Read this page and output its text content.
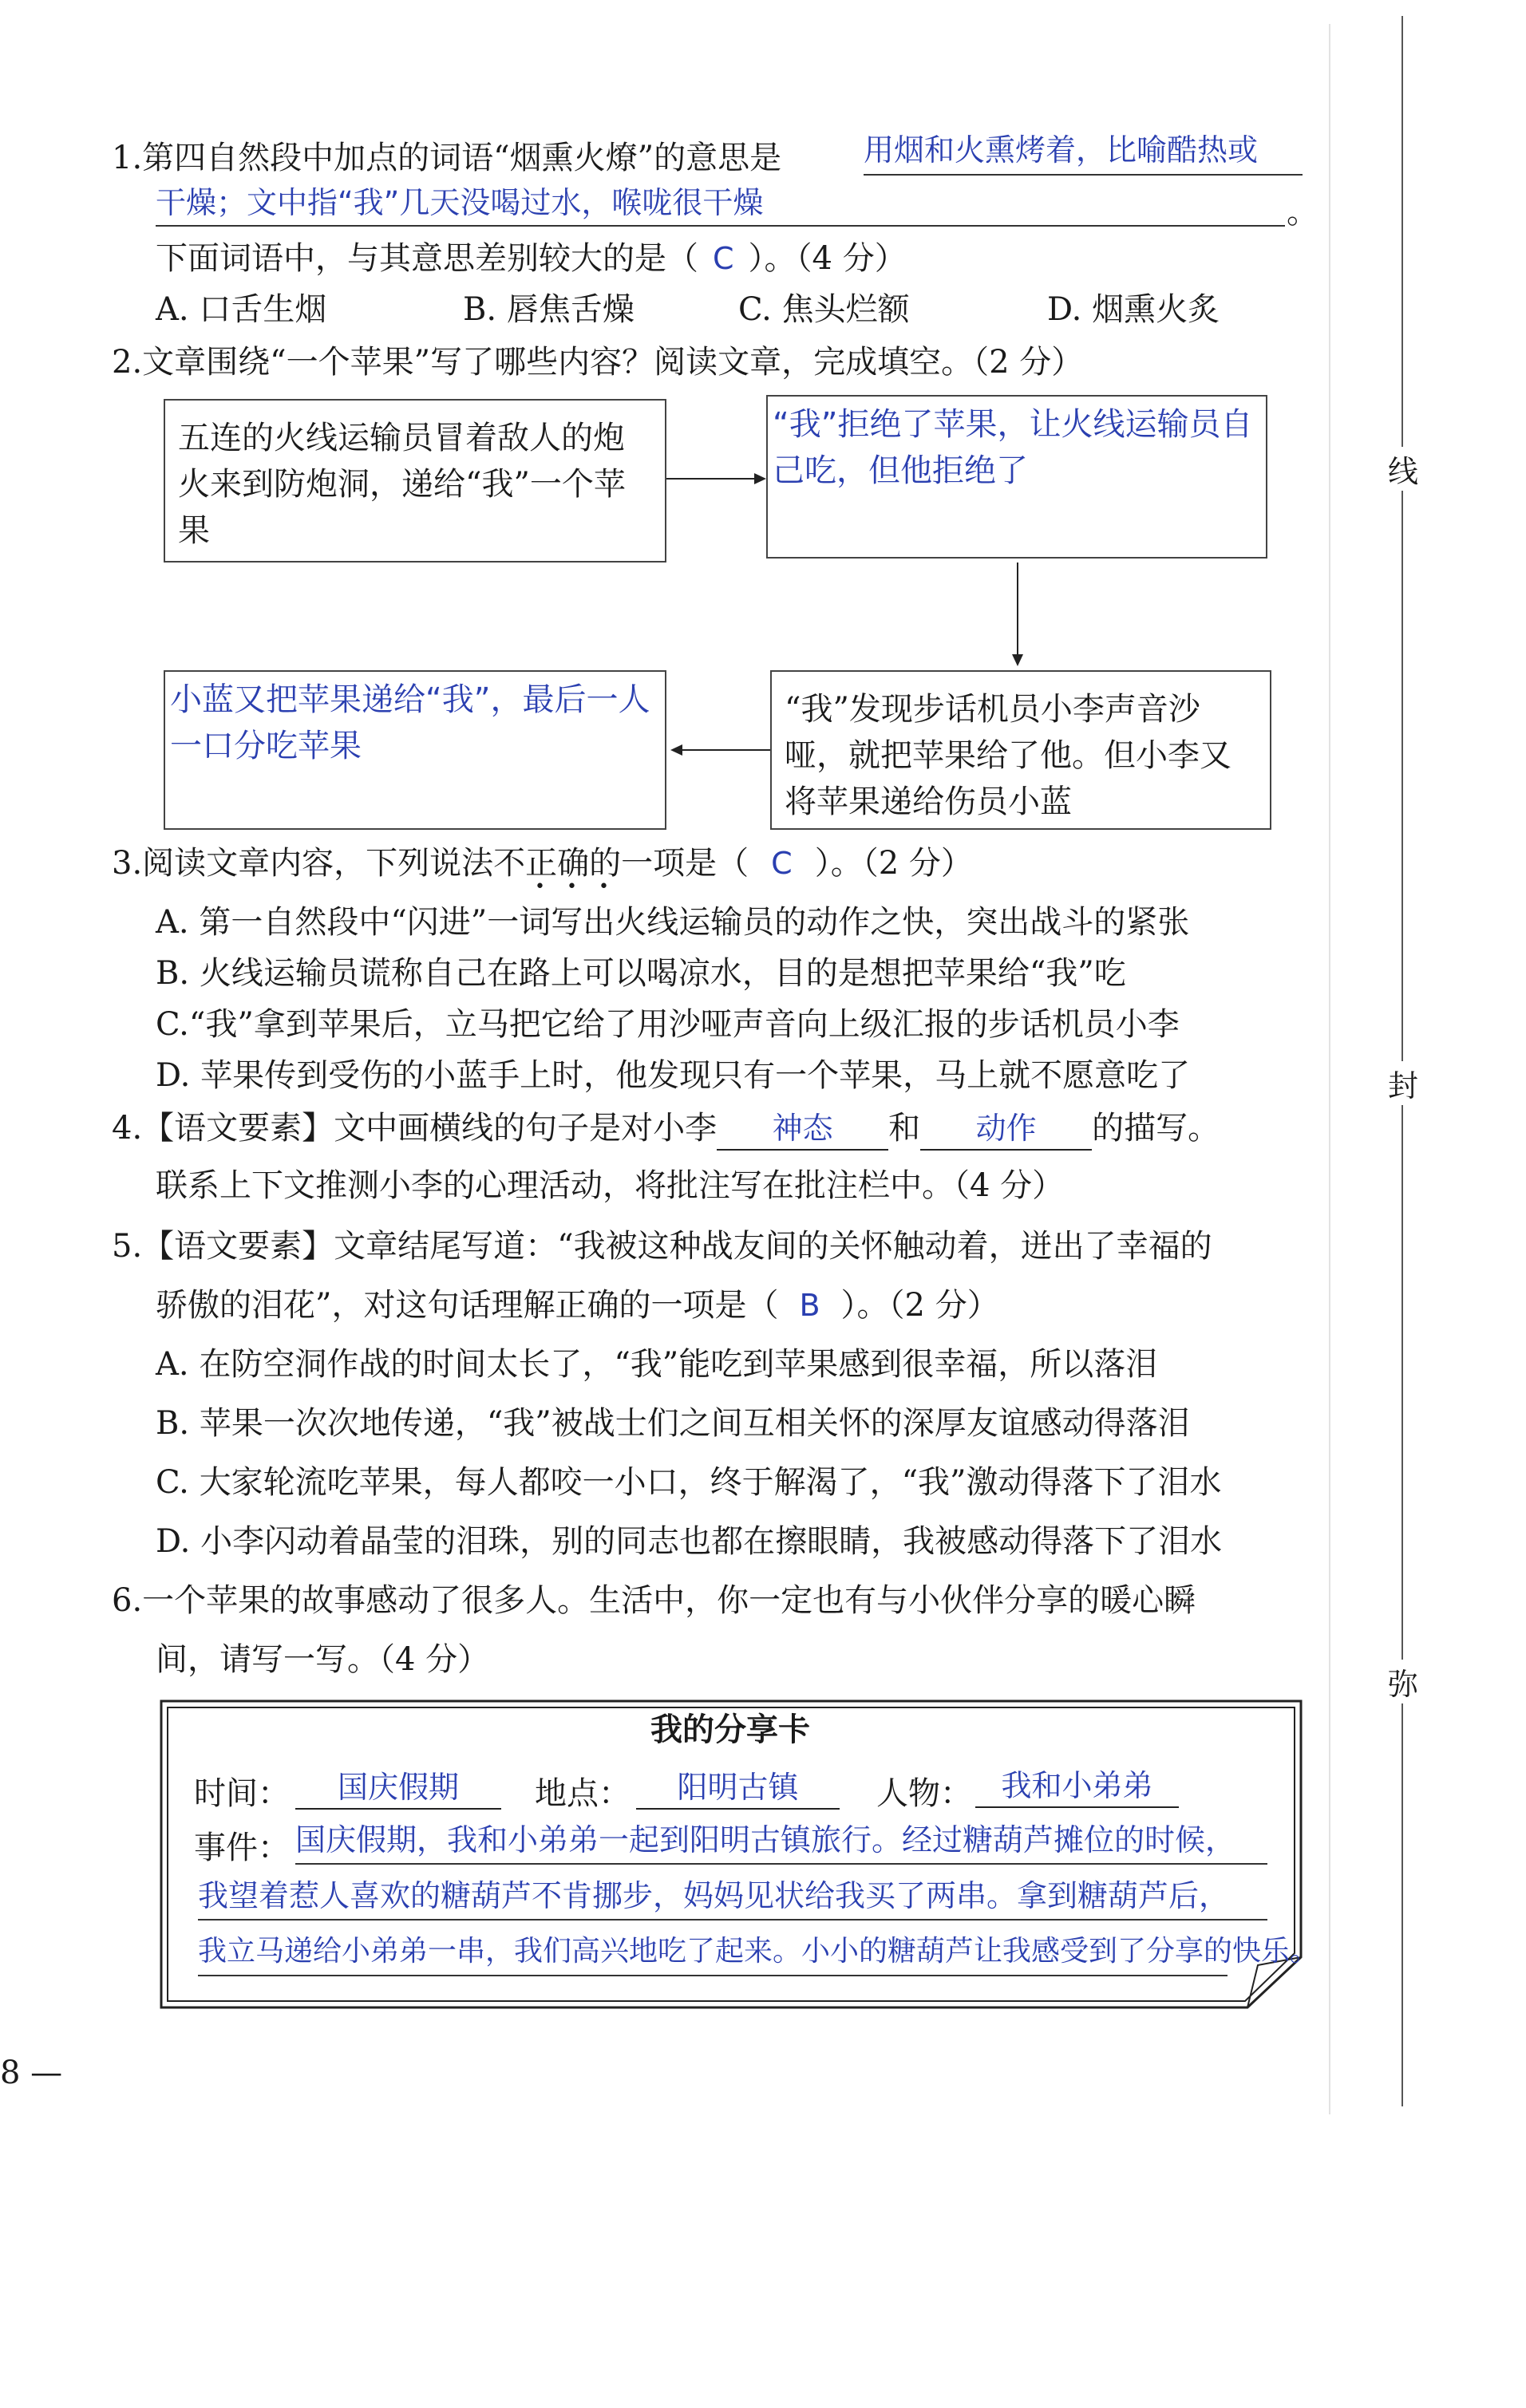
线
封
弥
1.第四自然段中加点的词语“烟熏火燎”的意思是	用烟和火熏烤着，比喻酷热或
干燥；文中指“我”几天没喝过水，喉咙很干燥	。
下面词语中，与其意思差别较大的是（ C ）。（4 分）
A. 口舌生烟	B. 唇焦舌燥	C. 焦头烂额	D. 烟熏火炙
2.文章围绕“一个苹果”写了哪些内容？阅读文章，完成填空。（2 分）
五连的火线运输员冒着敌人的炮火来到防炮洞，递给“我”一个苹果
“我”拒绝了苹果，让火线运输员自己吃，但他拒绝了
“我”发现步话机员小李声音沙哑，就把苹果给了他。但小李又将苹果递给伤员小蓝
小蓝又把苹果递给“我”，最后一人一口分吃苹果
3.阅读文章内容，下列说法不正确的一项是（ C ）。（2 分）
•••
A. 第一自然段中“闪进”一词写出火线运输员的动作之快，突出战斗的紧张
B. 火线运输员谎称自己在路上可以喝凉水，目的是想把苹果给“我”吃
C.“我”拿到苹果后，立马把它给了用沙哑声音向上级汇报的步话机员小李
D. 苹果传到受伤的小蓝手上时，他发现只有一个苹果，马上就不愿意吃了
4.【语文要素】文中画横线的句子是对小李 神态 和 动作 的描写。
联系上下文推测小李的心理活动，将批注写在批注栏中。（4 分）
5.【语文要素】文章结尾写道：“我被这种战友间的关怀触动着，迸出了幸福的
骄傲的泪花”，对这句话理解正确的一项是（ B ）。（2 分）
A. 在防空洞作战的时间太长了，“我”能吃到苹果感到很幸福，所以落泪
B. 苹果一次次地传递，“我”被战士们之间互相关怀的深厚友谊感动得落泪
C. 大家轮流吃苹果，每人都咬一小口，终于解渴了，“我”激动得落下了泪水
D. 小李闪动着晶莹的泪珠，别的同志也都在擦眼睛，我被感动得落下了泪水
6.一个苹果的故事感动了很多人。生活中，你一定也有与小伙伴分享的暖心瞬
间，请写一写。（4 分）
我的分享卡
时间：	国庆假期	地点：	阳明古镇	人物： 我和小弟弟
事件： 国庆假期，我和小弟弟一起到阳明古镇旅行。经过糖葫芦摊位的时候，
我望着惹人喜欢的糖葫芦不肯挪步，妈妈见状给我买了两串。拿到糖葫芦后，
我立马递给小弟弟一串，我们高兴地吃了起来。小小的糖葫芦让我感受到了分享的快乐。
8 —
